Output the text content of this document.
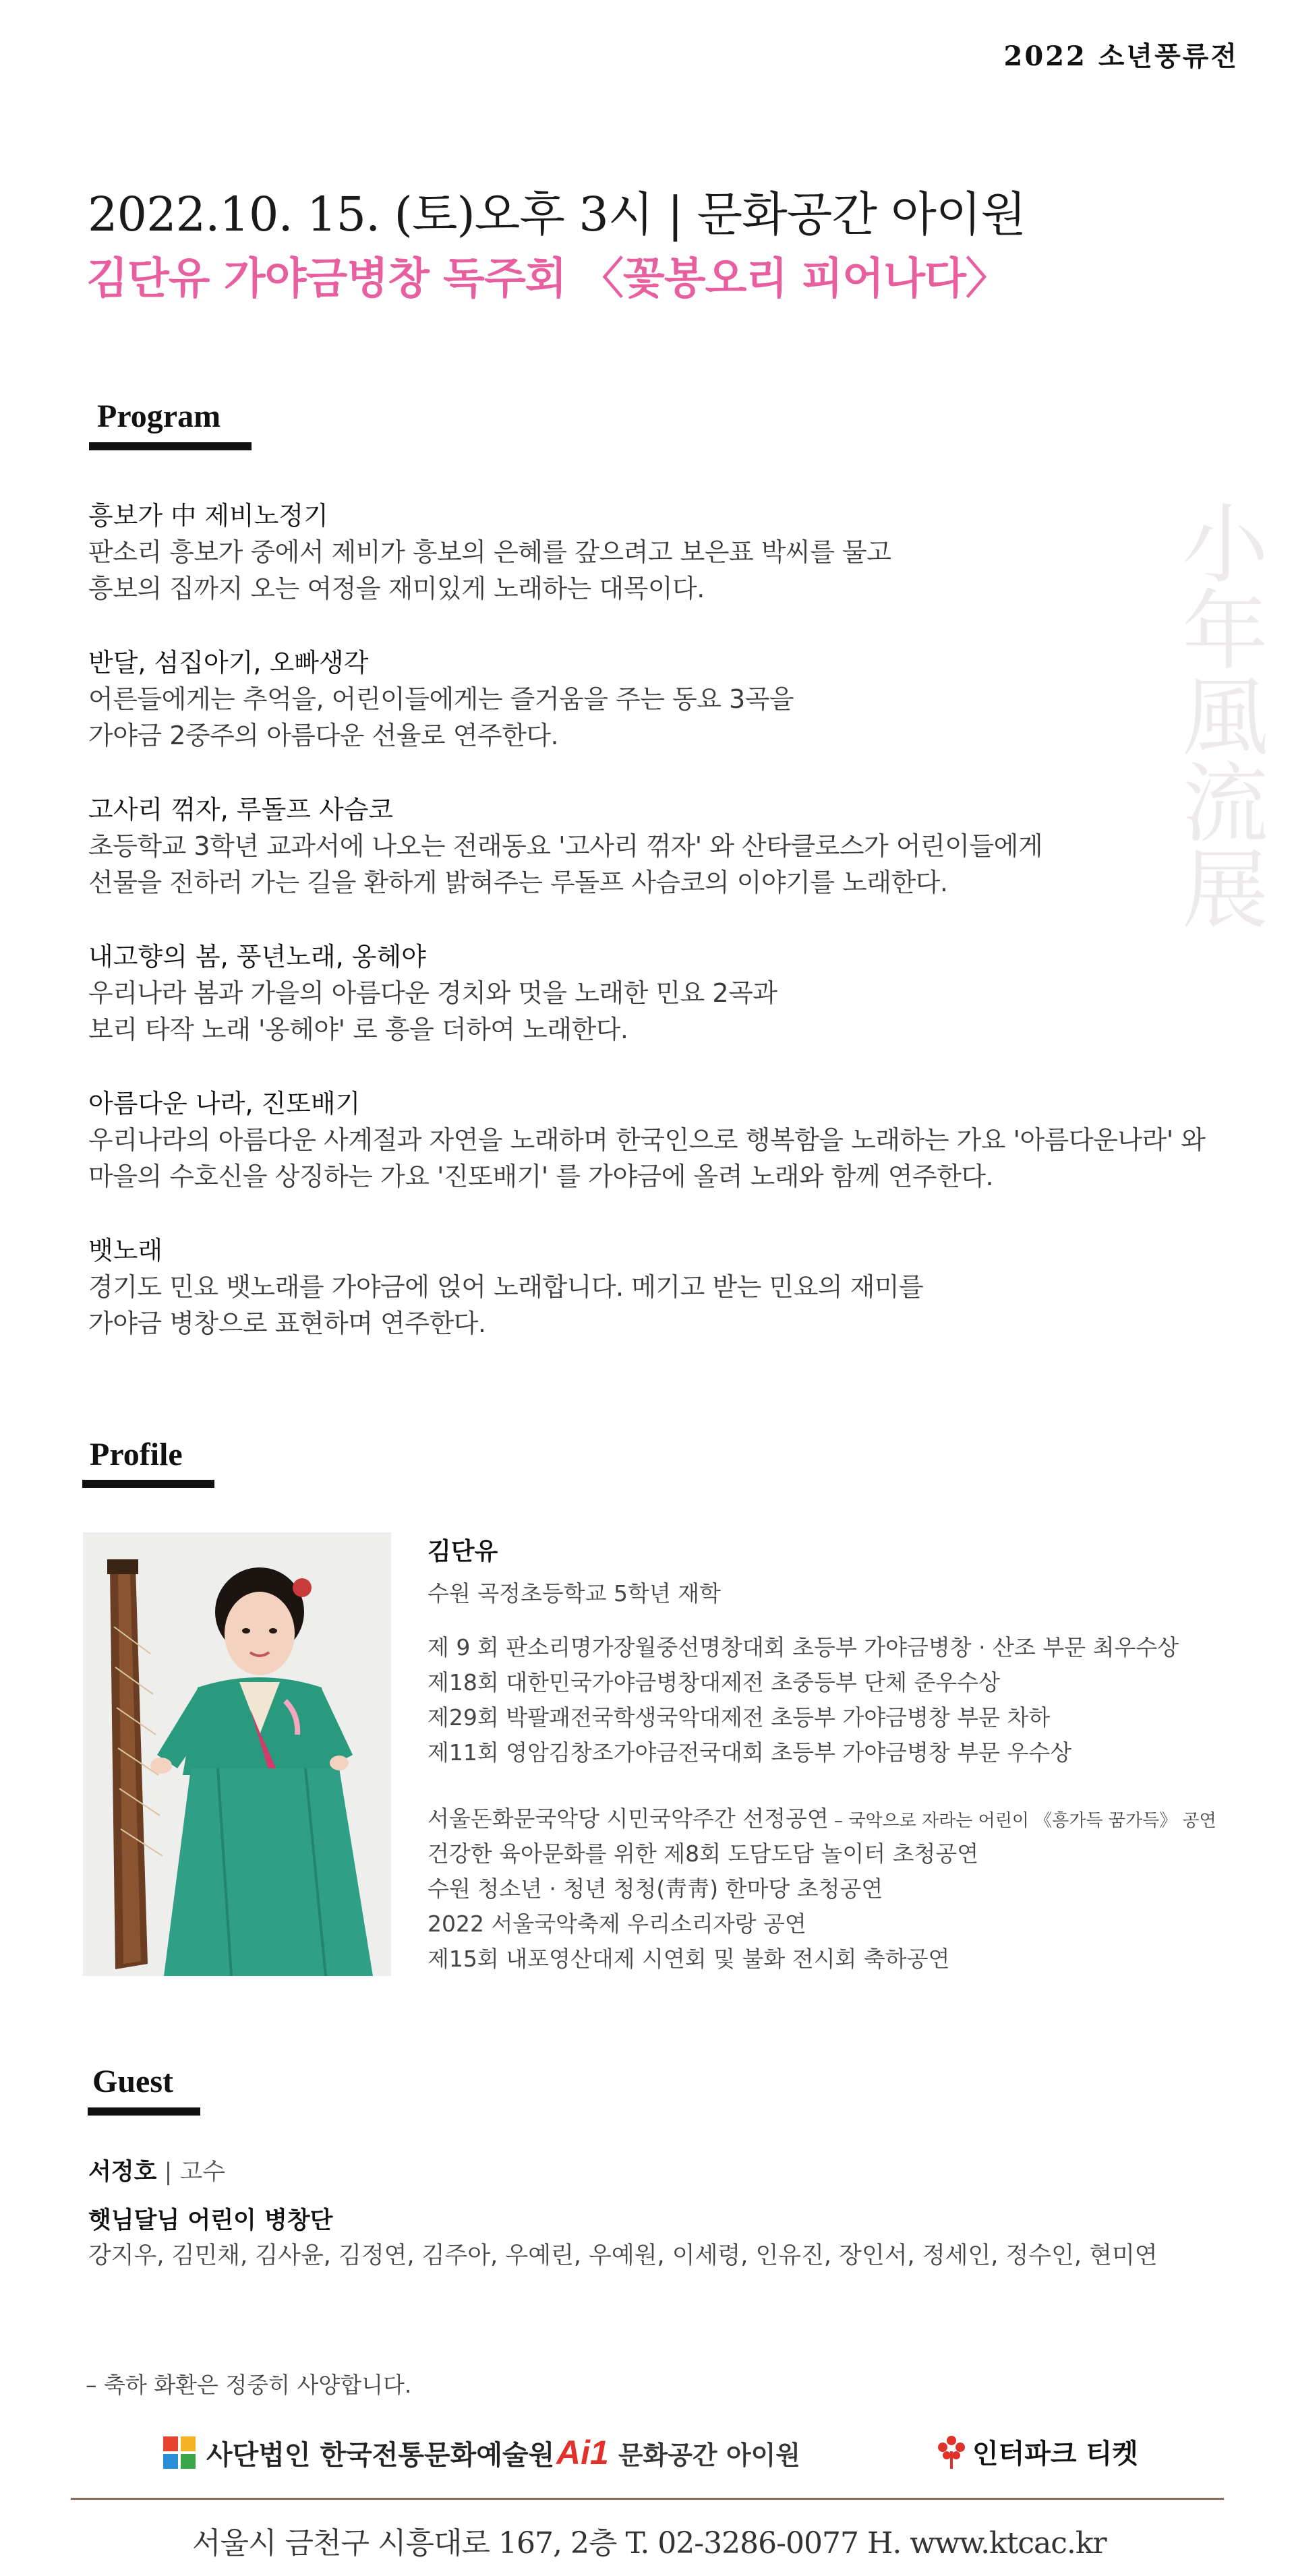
2022 소년풍류전
2022.10. 15. (토)오후 3시 | 문화공간 아이원
김단유 가야금병창 독주회 〈꽃봉오리 피어나다〉
小年風流展
Program
흥보가 中 제비노정기
판소리 흥보가 중에서 제비가 흥보의 은혜를 갚으려고 보은표 박씨를 물고
흥보의 집까지 오는 여정을 재미있게 노래하는 대목이다.
반달, 섬집아기, 오빠생각
어른들에게는 추억을, 어린이들에게는 즐거움을 주는 동요 3곡을
가야금 2중주의 아름다운 선율로 연주한다.
고사리 꺾자, 루돌프 사슴코
초등학교 3학년 교과서에 나오는 전래동요 '고사리 꺾자' 와 산타클로스가 어린이들에게
선물을 전하러 가는 길을 환하게 밝혀주는 루돌프 사슴코의 이야기를 노래한다.
내고향의 봄, 풍년노래, 옹헤야
우리나라 봄과 가을의 아름다운 경치와 멋을 노래한 민요 2곡과
보리 타작 노래 '옹헤야' 로 흥을 더하여 노래한다.
아름다운 나라, 진또배기
우리나라의 아름다운 사계절과 자연을 노래하며 한국인으로 행복함을 노래하는 가요 '아름다운나라' 와
마을의 수호신을 상징하는 가요 '진또배기' 를 가야금에 올려 노래와 함께 연주한다.
뱃노래
경기도 민요 뱃노래를 가야금에 얹어 노래합니다. 메기고 받는 민요의 재미를
가야금 병창으로 표현하며 연주한다.
Profile
김단유
수원 곡정초등학교 5학년 재학
제 9 회 판소리명가장월중선명창대회 초등부 가야금병창 · 산조 부문 최우수상
제18회 대한민국가야금병창대제전 초중등부 단체 준우수상
제29회 박팔괘전국학생국악대제전 초등부 가야금병창 부문 차하
제11회 영암김창조가야금전국대회 초등부 가야금병창 부문 우수상
서울돈화문국악당 시민국악주간 선정공연 – 국악으로 자라는 어린이 《흥가득 꿈가득》 공연
건강한 육아문화를 위한 제8회 도담도담 놀이터 초청공연
수원 청소년 · 청년 청청(靑靑) 한마당 초청공연
2022 서울국악축제 우리소리자랑 공연
제15회 내포영산대제 시연회 및 불화 전시회 축하공연
Guest
서정호 | 고수
햇님달님 어린이 병창단
강지우, 김민채, 김사윤, 김정연, 김주아, 우예린, 우예원, 이세령, 인유진, 장인서, 정세인, 정수인, 현미연
– 축하 화환은 정중히 사양합니다.
사단법인 한국전통문화예술원 Ai1 문화공간 아이원	인터파크 티켓
서울시 금천구 시흥대로 167, 2층 T. 02-3286-0077 H. www.ktcac.kr
